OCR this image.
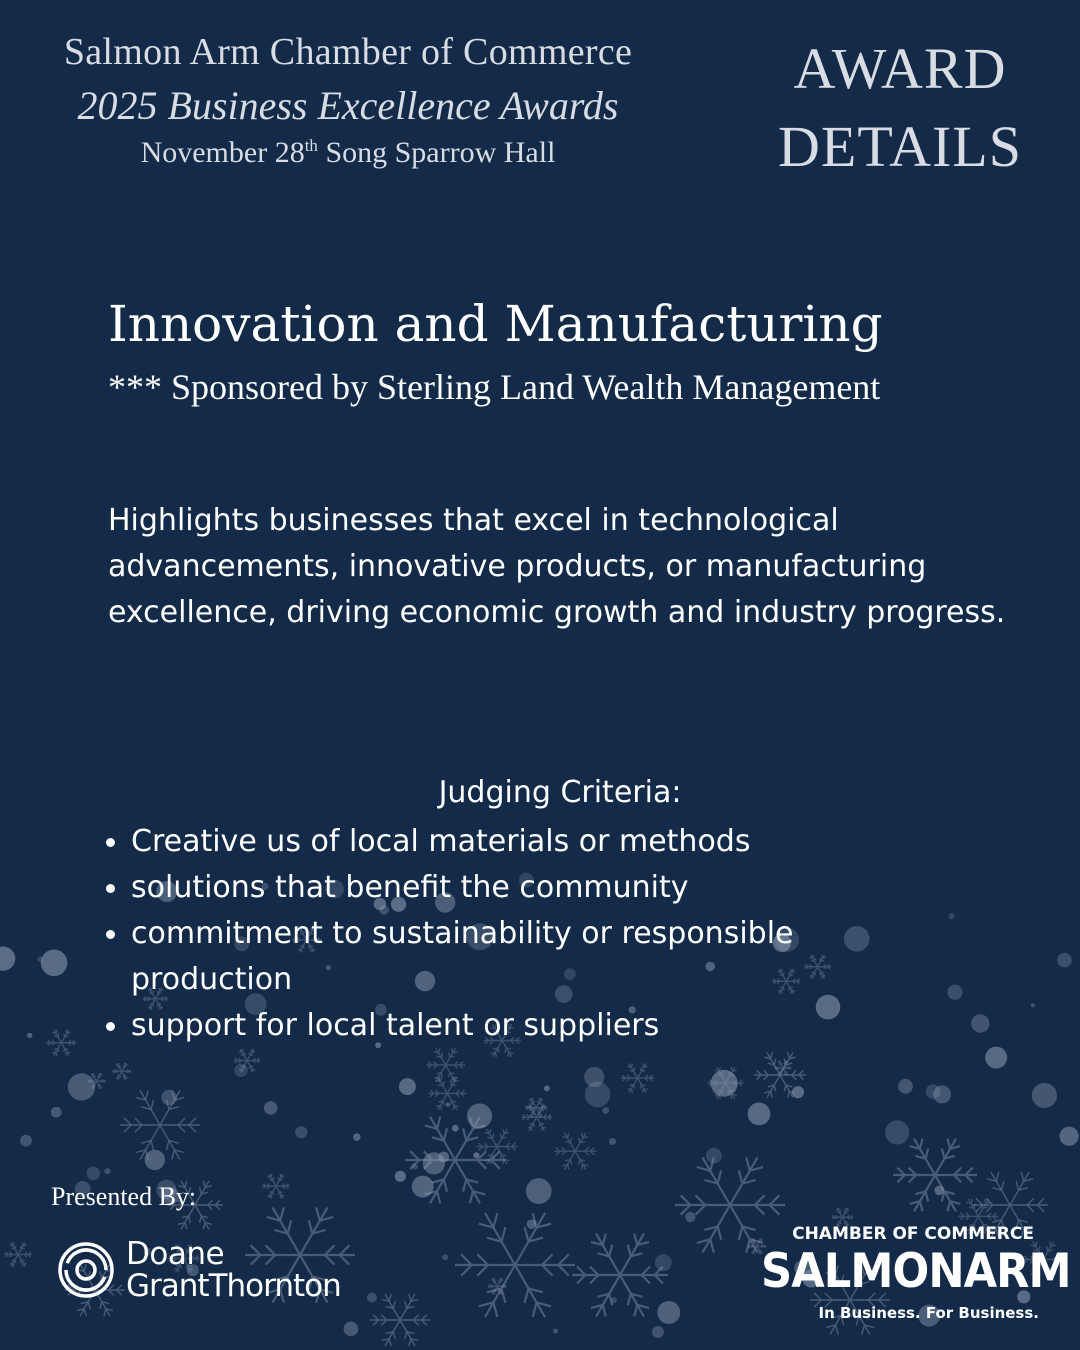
Salmon Arm Chamber of Commerce
2025 Business Excellence Awards
November 28th Song Sparrow Hall
AWARD
DETAILS
Innovation and Manufacturing
*** Sponsored by Sterling Land Wealth Management

Highlights businesses that excel in technological advancements, innovative products, or manufacturing excellence, driving economic growth and industry progress.

Judging Criteria:
Creative us of local materials or methods
solutions that benefit the community
commitment to sustainability or responsible production
support for local talent or suppliers
Presented By:
Doane
GrantThornton
CHAMBER OF COMMERCE
SALMONARM
In Business. For Business.
